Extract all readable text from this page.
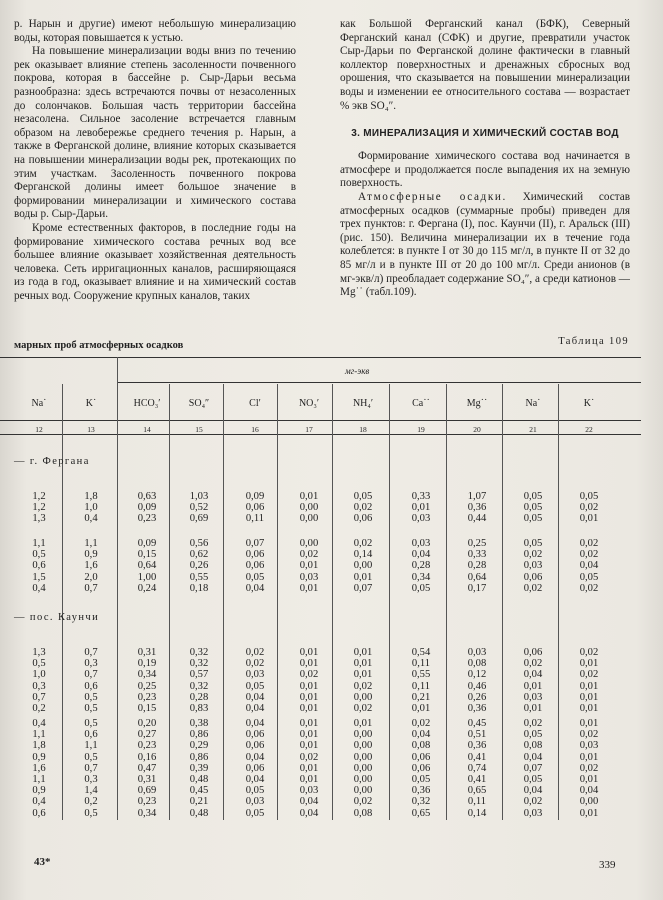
р. Нарын и другие) имеют небольшую минерализацию воды, которая повышается к устью.

На повышение минерализации воды вниз по течению рек оказывает влияние степень засоленности почвенного покрова, которая в бассейне р. Сыр-Дарьи весьма разнообразна: здесь встречаются почвы от незасоленных до солончаков. Большая часть территории бассейна незасолена. Сильное засоление встречается главным образом на левобережье среднего течения р. Нарын, а также в Ферганской долине, влияние которых сказывается на повышении минерализации воды рек, протекающих по этим участкам. Засоленность почвенного покрова Ферганской долины имеет большое значение в формировании минерализации и химического состава воды р. Сыр-Дарьи.

Кроме естественных факторов, в последние годы на формирование химического состава речных вод все большее влияние оказывает хозяйственная деятельность человека. Сеть ирригационных каналов, расширяющаяся из года в год, оказывает влияние и на химический состав речных вод. Сооружение крупных каналов, таких

как Большой Ферганский канал (БФК), Северный Ферганский канал (СФК) и другие, превратили участок Сыр-Дарьи по Ферганской долине фактически в главный коллектор поверхностных и дренажных сбросных вод орошения, что сказывается на повышении минерализации воды и изменении ее относительного состава — возрастает % экв SO₄″.

3. МИНЕРАЛИЗАЦИЯ И ХИМИЧЕСКИЙ СОСТАВ ВОД

Формирование химического состава вод начинается в атмосфере и продолжается после выпадения их на земную поверхность.

Атмосферные осадки. Химический состав атмосферных осадков (суммарные пробы) приведен для трех пунктов: г. Фергана (I), пос. Каунчи (II), г. Аральск (III) (рис. 150). Величина минерализации их в течение года колеблется: в пункте I от 30 до 115 мг/л, в пункте II от 32 до 85 мг/л и в пункте III от 20 до 100 мг/л. Среди анионов (в мг-экв/л) преобладает содержание SO₄″, а среди катионов — Mg˙˙ (табл.109).

марных проб атмосферных осадков	Таблица 109
мг-экв
Na˙	K˙	HCO₃′	SO₄″	Cl′	NO₃′	NH₄′	Ca˙˙	Mg˙˙	Na˙	K˙
12	13	14	15	16	17	18	19	20	21	22
— г. Фергана
— пос. Каунчи
1,2	1,8	0,63	1,03	0,09	0,01	0,05	0,33	1,07	0,05	0,05
1,2	1,0	0,09	0,52	0,06	0,00	0,02	0,01	0,36	0,05	0,02
1,3	0,4	0,23	0,69	0,11	0,00	0,06	0,03	0,44	0,05	0,01
1,1	1,1	0,09	0,56	0,07	0,00	0,02	0,03	0,25	0,05	0,02
0,5	0,9	0,15	0,62	0,06	0,02	0,14	0,04	0,33	0,02	0,02
0,6	1,6	0,64	0,26	0,06	0,01	0,00	0,28	0,28	0,03	0,04
1,5	2,0	1,00	0,55	0,05	0,03	0,01	0,34	0,64	0,06	0,05
0,4	0,7	0,24	0,18	0,04	0,01	0,07	0,05	0,17	0,02	0,02
1,3	0,7	0,31	0,32	0,02	0,01	0,01	0,54	0,03	0,06	0,02
0,5	0,3	0,19	0,32	0,02	0,01	0,01	0,11	0,08	0,02	0,01
1,0	0,7	0,34	0,57	0,03	0,02	0,01	0,55	0,12	0,04	0,02
0,3	0,6	0,25	0,32	0,05	0,01	0,02	0,11	0,46	0,01	0,01
0,7	0,5	0,23	0,28	0,04	0,01	0,00	0,21	0,26	0,03	0,01
0,2	0,5	0,15	0,83	0,04	0,01	0,02	0,01	0,36	0,01	0,01
0,4	0,5	0,20	0,38	0,04	0,01	0,01	0,02	0,45	0,02	0,01
1,1	0,6	0,27	0,86	0,06	0,01	0,00	0,04	0,51	0,05	0,02
1,8	1,1	0,23	0,29	0,06	0,01	0,00	0,08	0,36	0,08	0,03
0,9	0,5	0,16	0,86	0,04	0,02	0,00	0,06	0,41	0,04	0,01
1,6	0,7	0,47	0,39	0,06	0,01	0,00	0,06	0,74	0,07	0,02
1,1	0,3	0,31	0,48	0,04	0,01	0,00	0,05	0,41	0,05	0,01
0,9	1,4	0,69	0,45	0,05	0,03	0,00	0,36	0,65	0,04	0,04
0,4	0,2	0,23	0,21	0,03	0,04	0,02	0,32	0,11	0,02	0,00
0,6	0,5	0,34	0,48	0,05	0,04	0,08	0,65	0,14	0,03	0,01
43*	339
